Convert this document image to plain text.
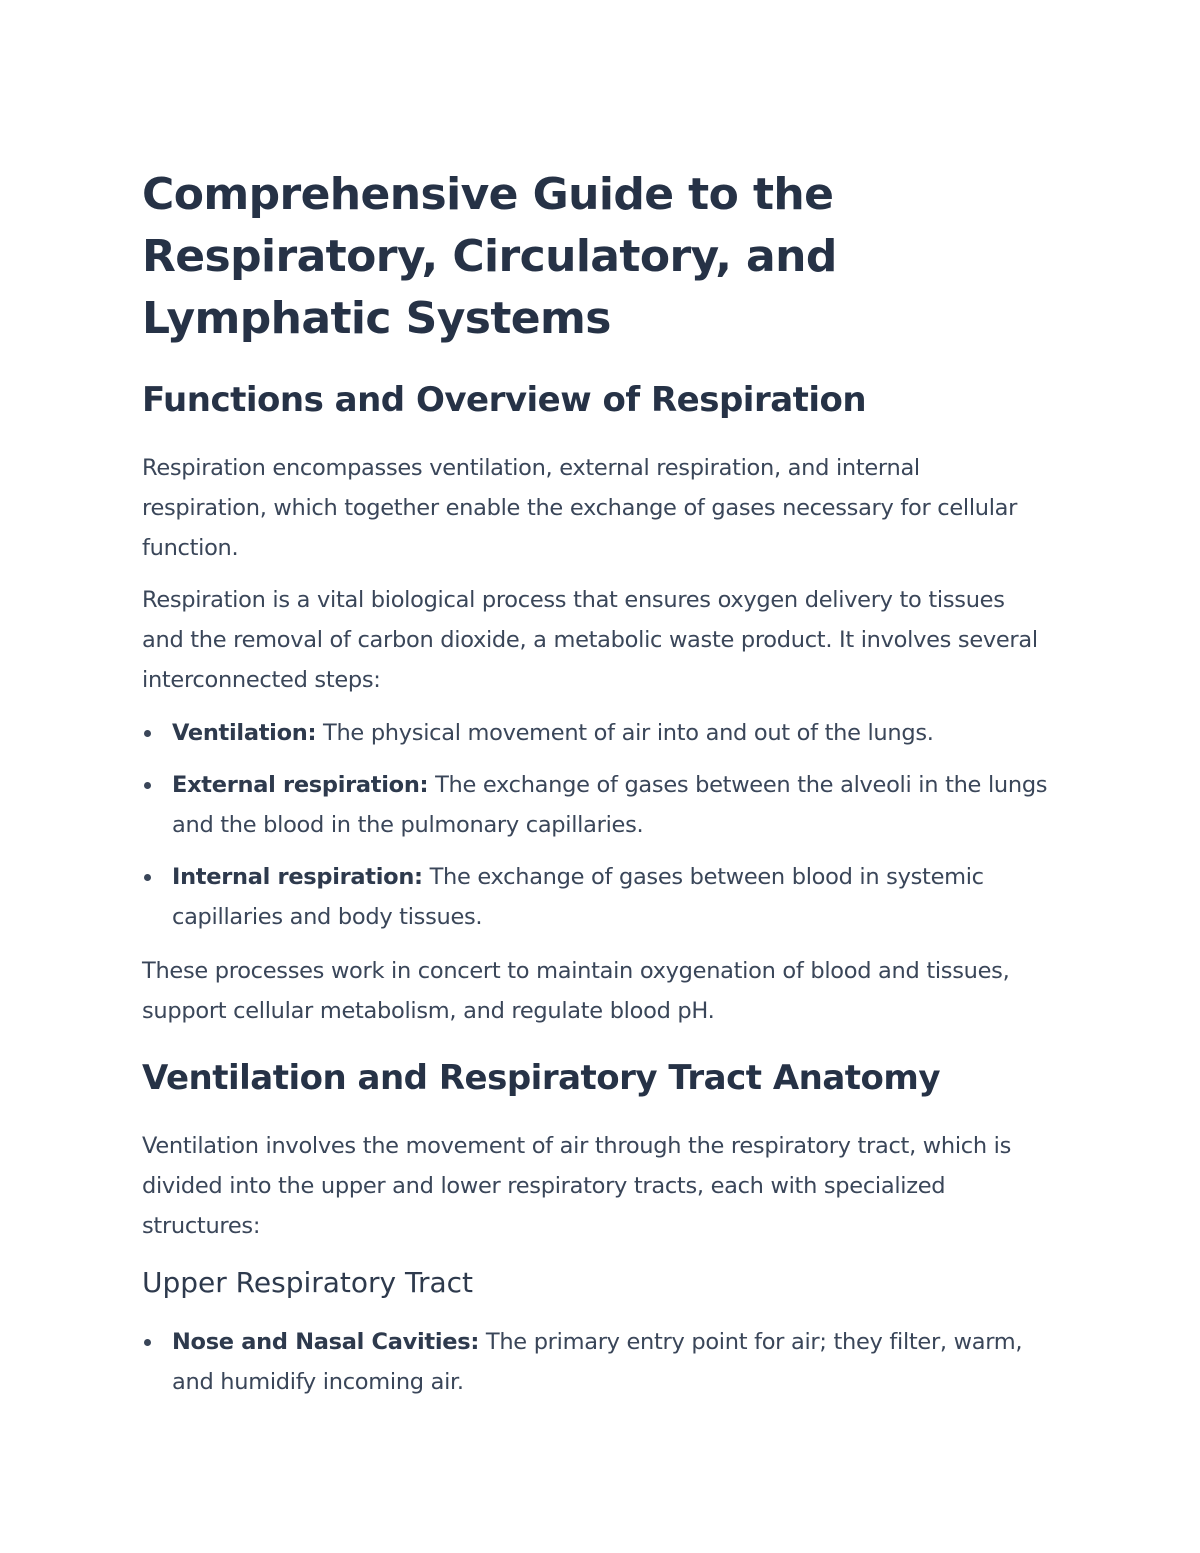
Comprehensive Guide to the Respiratory, Circulatory, and Lymphatic Systems
Functions and Overview of Respiration

Respiration encompasses ventilation, external respiration, and internal respiration, which together enable the exchange of gases necessary for cellular function.

Respiration is a vital biological process that ensures oxygen delivery to tissues and the removal of carbon dioxide, a metabolic waste product. It involves several interconnected steps:

Ventilation: The physical movement of air into and out of the lungs.
External respiration: The exchange of gases between the alveoli in the lungs and the blood in the pulmonary capillaries.
Internal respiration: The exchange of gases between blood in systemic capillaries and body tissues.

These processes work in concert to maintain oxygenation of blood and tissues, support cellular metabolism, and regulate blood pH.

Ventilation and Respiratory Tract Anatomy

Ventilation involves the movement of air through the respiratory tract, which is divided into the upper and lower respiratory tracts, each with specialized structures:

Upper Respiratory Tract
Nose and Nasal Cavities: The primary entry point for air; they filter, warm, and humidify incoming air.
